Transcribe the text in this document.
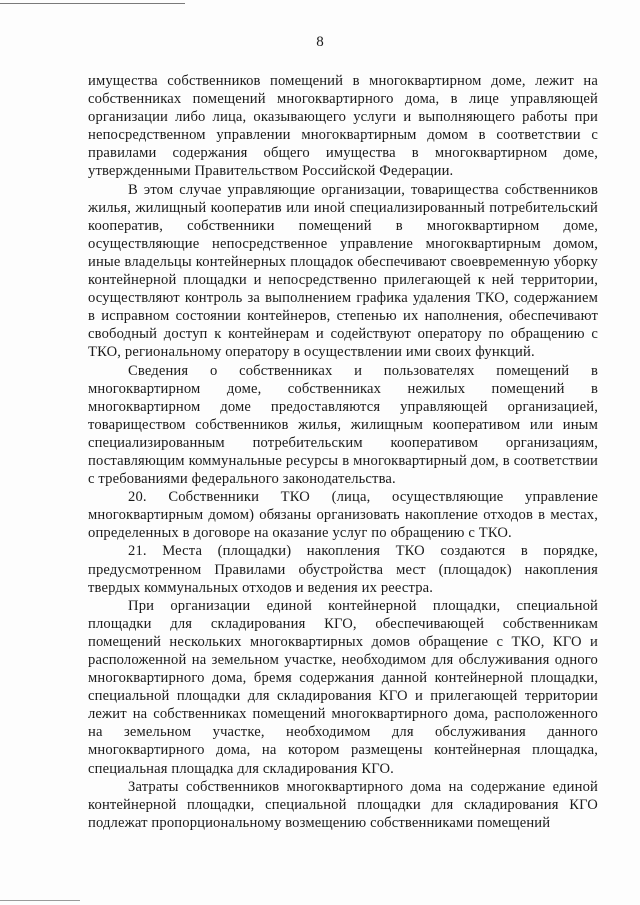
8

имущества собственников помещений в многоквартирном доме, лежит на собственниках помещений многоквартирного дома, в лице управляющей организации либо лица, оказывающего услуги и выполняющего работы при непосредственном управлении многоквартирным домом в соответствии с правилами содержания общего имущества в многоквартирном доме, утвержденными Правительством Российской Федерации.

В этом случае управляющие организации, товарищества собственников жилья, жилищный кооператив или иной специализированный потребительский кооператив, собственники помещений в многоквартирном доме, осуществляющие непосредственное управление многоквартирным домом, иные владельцы контейнерных площадок обеспечивают своевременную уборку контейнерной площадки и непосредственно прилегающей к ней территории, осуществляют контроль за выполнением графика удаления ТКО, содержанием в исправном состоянии контейнеров, степенью их наполнения, обеспечивают свободный доступ к контейнерам и содействуют оператору по обращению с ТКО, региональному оператору в осуществлении ими своих функций.

Сведения о собственниках и пользователях помещений в многоквартирном доме, собственниках нежилых помещений в многоквартирном доме предоставляются управляющей организацией, товариществом собственников жилья, жилищным кооперативом или иным специализированным потребительским кооперативом организациям, поставляющим коммунальные ресурсы в многоквартирный дом, в соответствии с требованиями федерального законодательства.

20. Собственники ТКО (лица, осуществляющие управление многоквартирным домом) обязаны организовать накопление отходов в местах, определенных в договоре на оказание услуг по обращению с ТКО.

21. Места (площадки) накопления ТКО создаются в порядке, предусмотренном Правилами обустройства мест (площадок) накопления твердых коммунальных отходов и ведения их реестра.

При организации единой контейнерной площадки, специальной площадки для складирования КГО, обеспечивающей собственникам помещений нескольких многоквартирных домов обращение с ТКО, КГО и расположенной на земельном участке, необходимом для обслуживания одного многоквартирного дома, бремя содержания данной контейнерной площадки, специальной площадки для складирования КГО и прилегающей территории лежит на собственниках помещений многоквартирного дома, расположенного на земельном участке, необходимом для обслуживания данного многоквартирного дома, на котором размещены контейнерная площадка, специальная площадка для складирования КГО.

Затраты собственников многоквартирного дома на содержание единой контейнерной площадки, специальной площадки для складирования КГО подлежат пропорциональному возмещению собственниками помещений
